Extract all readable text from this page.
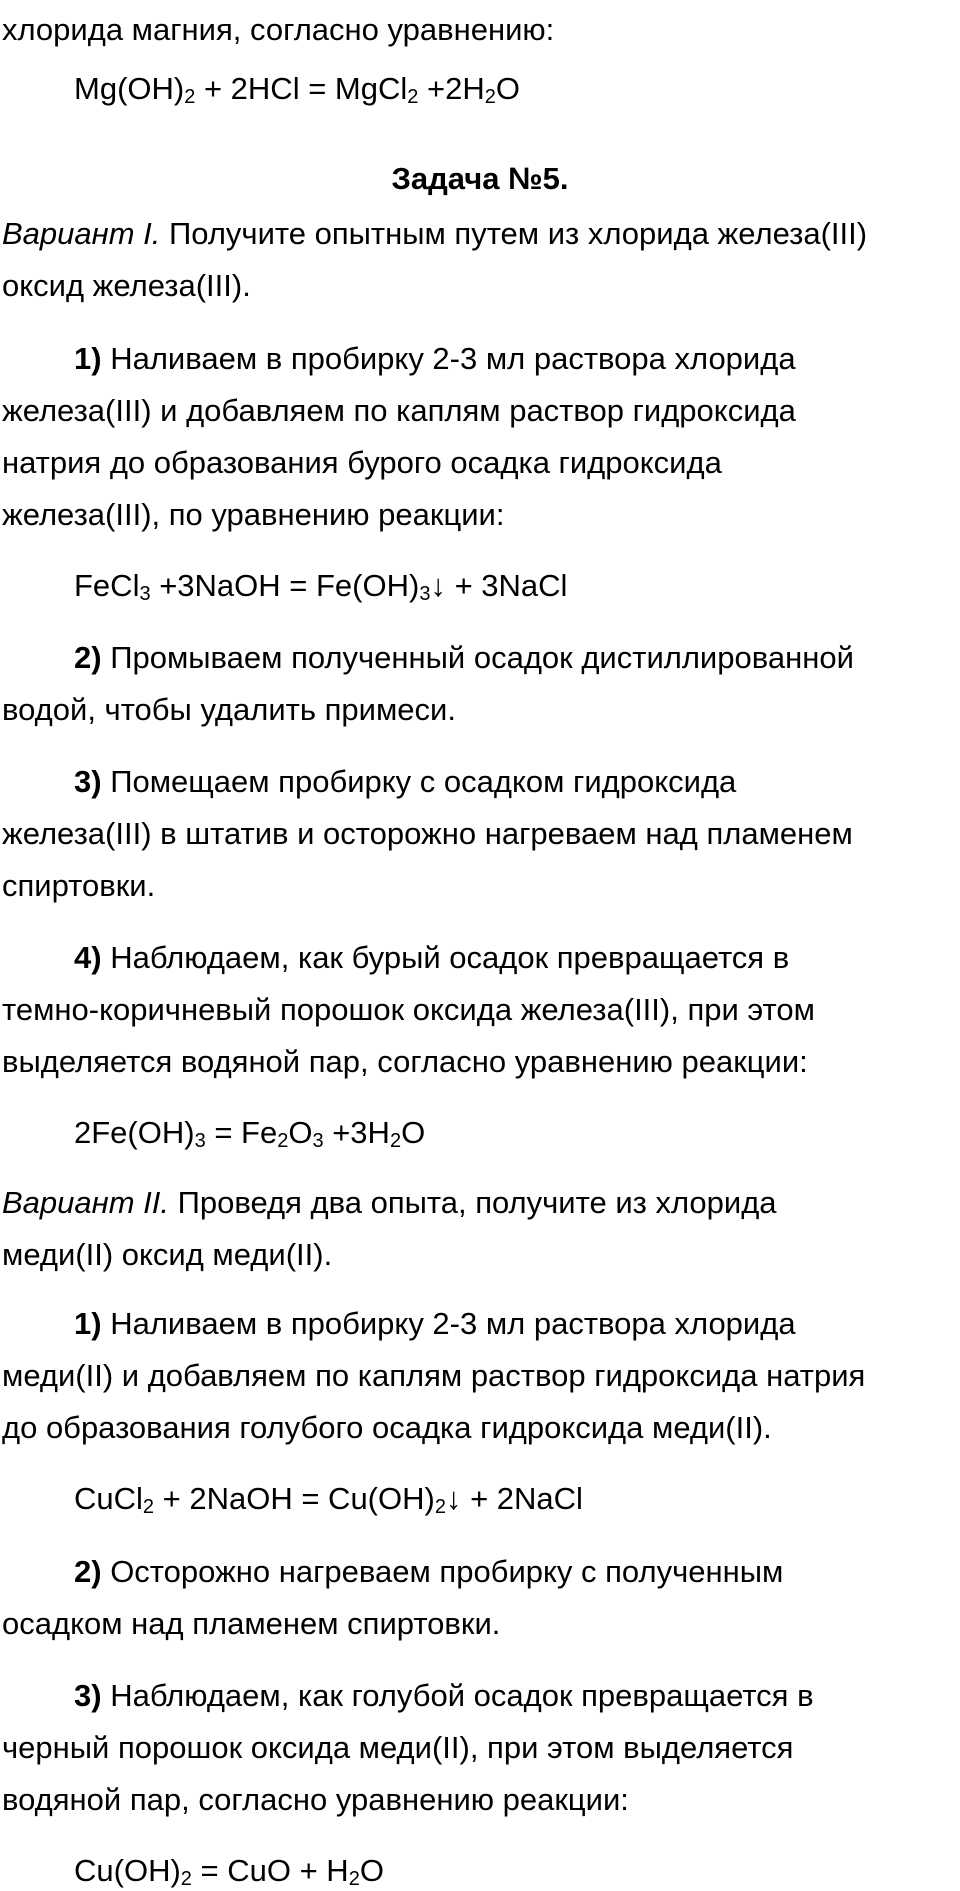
хлорида магния, согласно уравнению:
$Mg(OH)_2 + 2HCl$ = MgCl$_2$ $+2H_2O$
Задача №5.
Вариант I. Получите опытным путем из хлорида железа(III)
оксид железа(III).
1) Наливаем в пробирку 2-3 мл раствора хлорида
железа(III) и добавляем по каплям раствор гидроксида
натрия до образования бурого осадка гидроксида
железа(III), по уравнению реакции:
FeCl$_3$ +3NaOH = $Fe(OH)_3↓$ + 3NaCl
2) Промываем полученный осадок дистиллированной
водой, чтобы удалить примеси.
3) Помещаем пробирку с осадком гидроксида
железа(III) в штатив и осторожно нагреваем над пламенем
спиртовки.
4) Наблюдаем, как бурый осадок превращается в
темно-коричневый порошок оксида железа(III), при этом
выделяется водяной пар, согласно уравнению реакции:
$2Fe(OH)_3 = Fe_2O_3 +3H_2O$
Вариант II. Проведя два опыта, получите из хлорида
меди(II) оксид меди(II).
1) Наливаем в пробирку 2-3 мл раствора хлорида
меди(II) и добавляем по каплям раствор гидроксида натрия
до образования голубого осадка гидроксида меди(II).
CuCl$_2$ + 2NaOH = $Cu(OH)_2↓$ + 2NaCl
2) Осторожно нагреваем пробирку с полученным
осадком над пламенем спиртовки.
3) Наблюдаем, как голубой осадок превращается в
черный порошок оксида меди(II), при этом выделяется
водяной пар, согласно уравнению реакции:
$Cu(OH)_2$ = CuO + $H_2O$
